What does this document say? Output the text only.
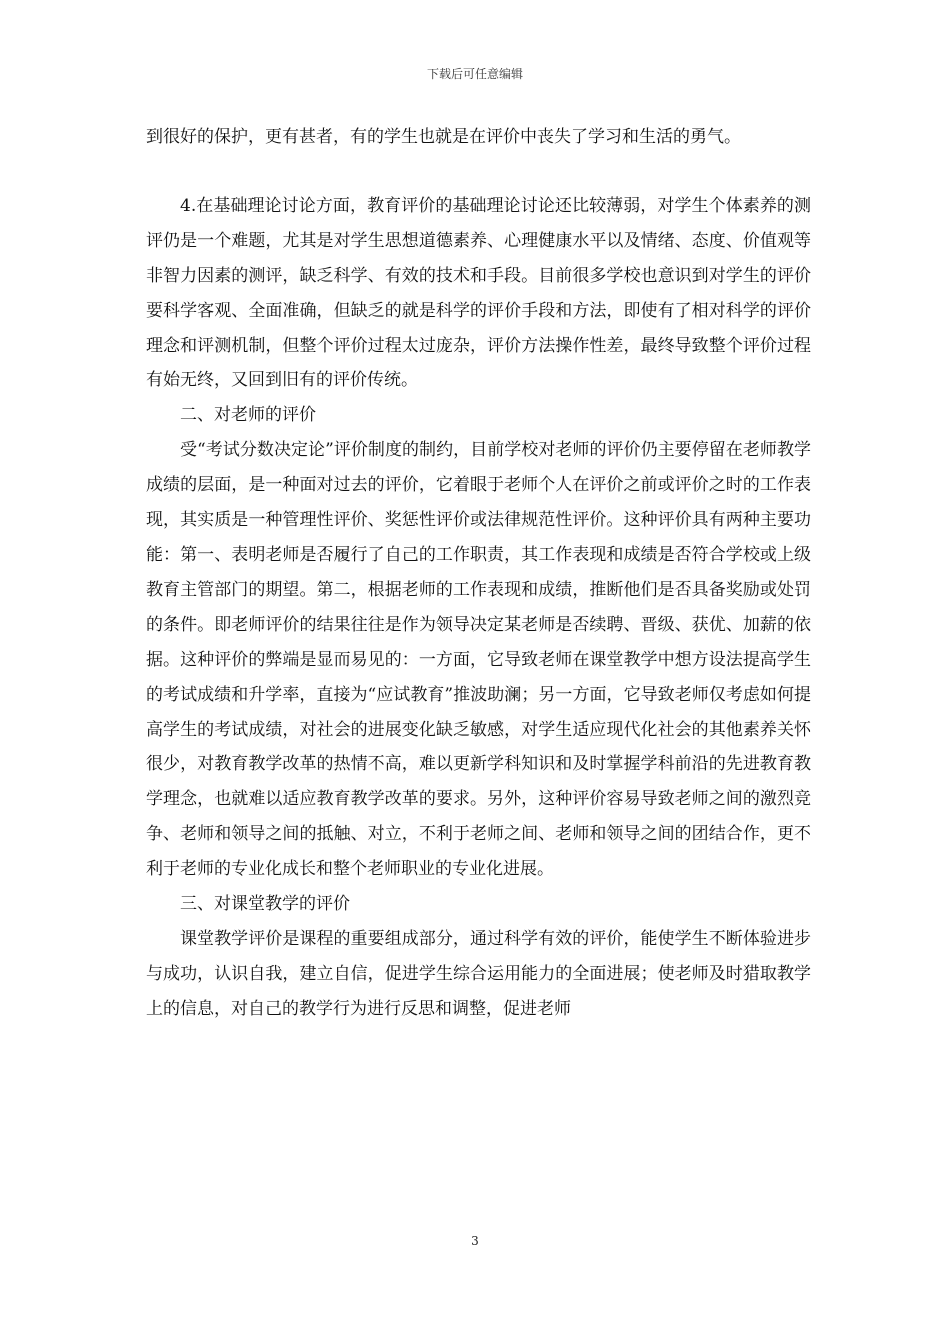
下载后可任意编辑

到很好的保护，更有甚者，有的学生也就是在评价中丧失了学习和生活的勇气。

4.在基础理论讨论方面，教育评价的基础理论讨论还比较薄弱，对学生个体素养的测评仍是一个难题，尤其是对学生思想道德素养、心理健康水平以及情绪、态度、价值观等非智力因素的测评，缺乏科学、有效的技术和手段。目前很多学校也意识到对学生的评价要科学客观、全面准确，但缺乏的就是科学的评价手段和方法，即使有了相对科学的评价理念和评测机制，但整个评价过程太过庞杂，评价方法操作性差，最终导致整个评价过程有始无终，又回到旧有的评价传统。

二、对老师的评价

受“考试分数决定论”评价制度的制约，目前学校对老师的评价仍主要停留在老师教学成绩的层面，是一种面对过去的评价，它着眼于老师个人在评价之前或评价之时的工作表现，其实质是一种管理性评价、奖惩性评价或法律规范性评价。这种评价具有两种主要功能：第一、表明老师是否履行了自己的工作职责，其工作表现和成绩是否符合学校或上级教育主管部门的期望。第二，根据老师的工作表现和成绩，推断他们是否具备奖励或处罚的条件。即老师评价的结果往往是作为领导决定某老师是否续聘、晋级、获优、加薪的依据。这种评价的弊端是显而易见的：一方面，它导致老师在课堂教学中想方设法提高学生的考试成绩和升学率，直接为“应试教育”推波助澜；另一方面，它导致老师仅考虑如何提高学生的考试成绩，对社会的进展变化缺乏敏感，对学生适应现代化社会的其他素养关怀很少，对教育教学改革的热情不高，难以更新学科知识和及时掌握学科前沿的先进教育教学理念，也就难以适应教育教学改革的要求。另外，这种评价容易导致老师之间的激烈竞争、老师和领导之间的抵触、对立，不利于老师之间、老师和领导之间的团结合作，更不利于老师的专业化成长和整个老师职业的专业化进展。

三、对课堂教学的评价

课堂教学评价是课程的重要组成部分，通过科学有效的评价，能使学生不断体验进步与成功，认识自我，建立自信，促进学生综合运用能力的全面进展；使老师及时猎取教学上的信息，对自己的教学行为进行反思和调整，促进老师

3
